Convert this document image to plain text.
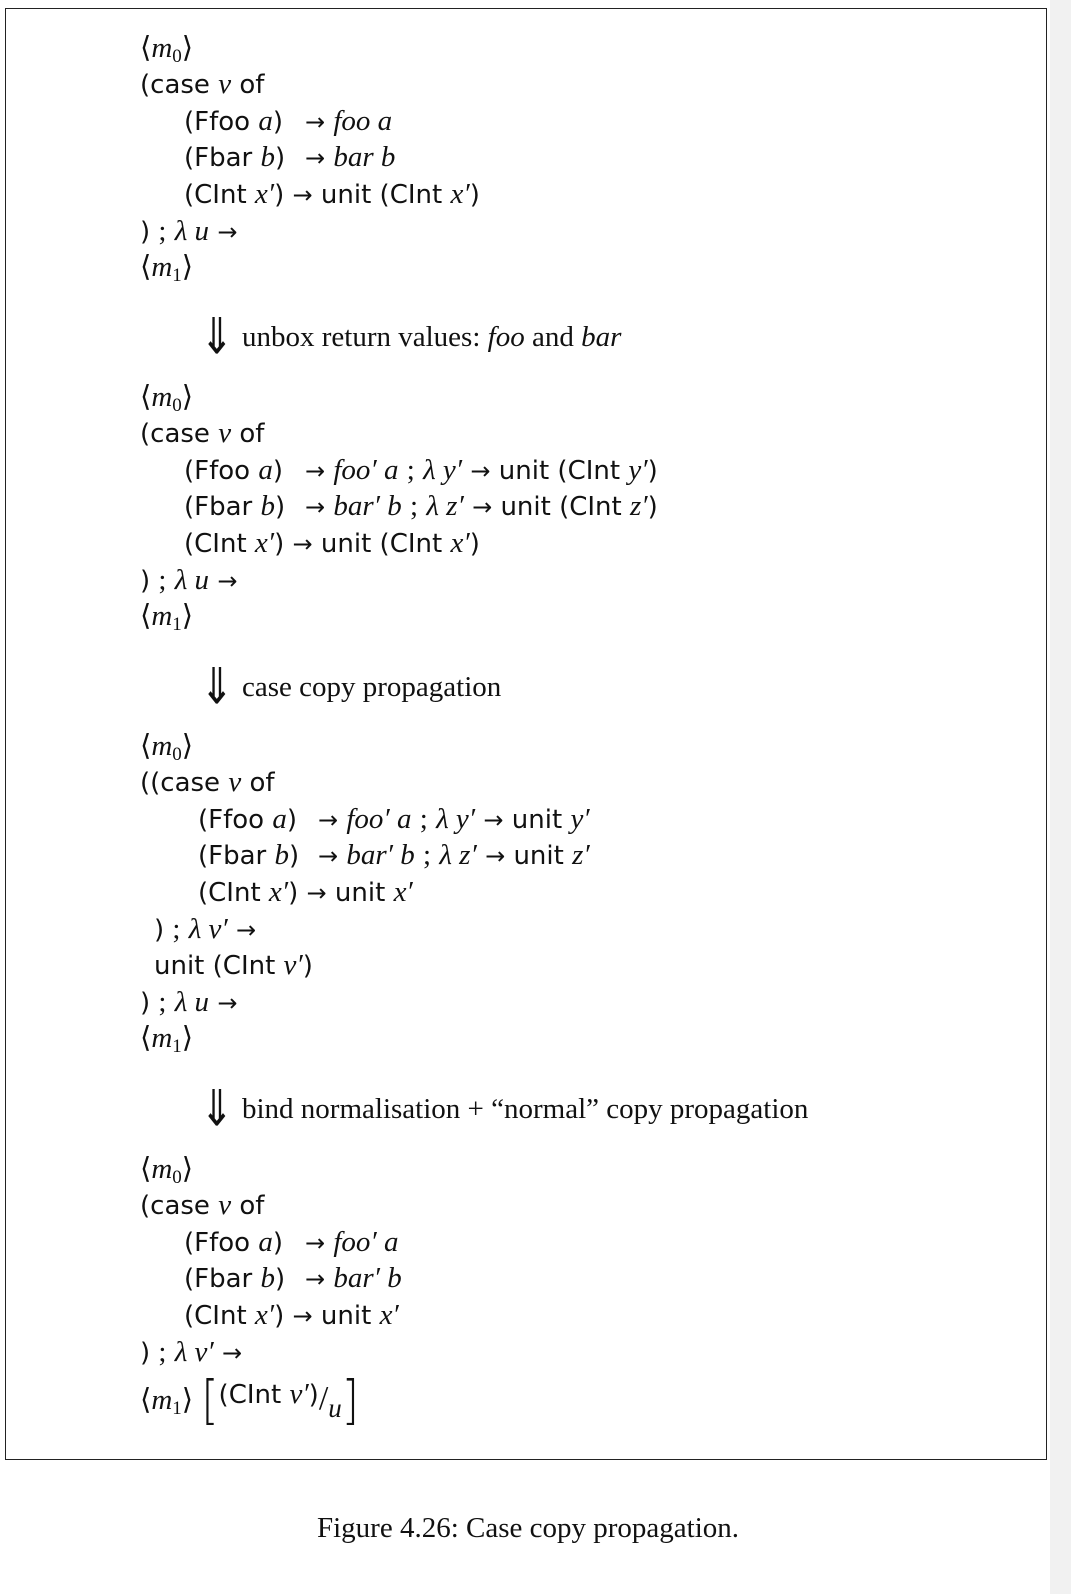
$⟨m_0⟩$
(case v of
(Ffoo a) → foo a
(Fbar b) → bar b
(CInt x′) → unit (CInt x′)
) ; λ u →
$⟨m_1⟩$
⇓ unbox return values: foo and bar
$⟨m_0⟩$
(case v of
(Ffoo a) → foo′ a ; λ y′ → unit (CInt y′)
(Fbar b) → bar′ b ; λ z′ → unit (CInt z′)
(CInt x′) → unit (CInt x′)
) ; λ u →
$⟨m_1⟩$
⇓ case copy propagation
$⟨m_0⟩$
((case v of
(Ffoo a) → foo′ a ; λ y′ → unit y′
(Fbar b) → bar′ b ; λ z′ → unit z′
(CInt x′) → unit x′
) ; λ v′ →
unit (CInt v′)
) ; λ u →
$⟨m_1⟩$
⇓ bind normalisation + “normal” copy propagation
$⟨m_0⟩$
(case v of
(Ffoo a) → foo′ a
(Fbar b) → bar′ b
(CInt x′) → unit x′
) ; λ v′ →
$⟨m_1⟩$ [(CInt v′)/u]
Figure 4.26: Case copy propagation.
